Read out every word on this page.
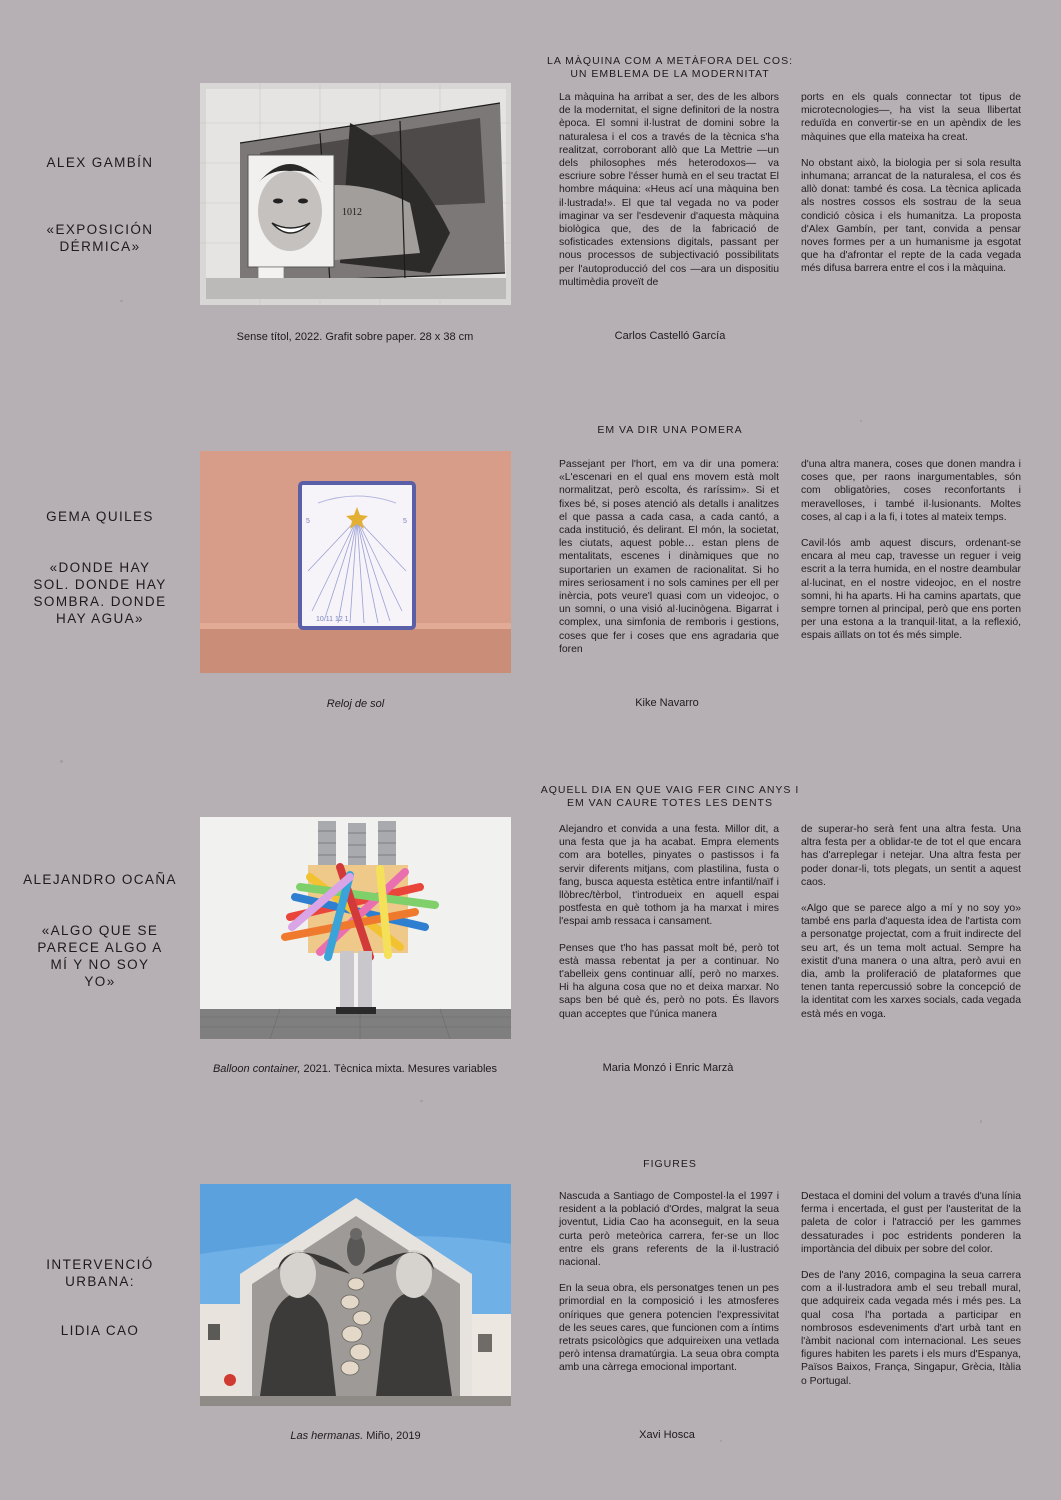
LA MÀQUINA COM A METÀFORA DEL COS: UN EMBLEMA DE LA MODERNITAT
ALEX GAMBÍN
«EXPOSICIÓN DÉRMICA»
1012

La màquina ha arribat a ser, des de les albors de la modernitat, el signe definitori de la nostra època. El somni il·lustrat de domini sobre la naturalesa i el cos a través de la tècnica s'ha realitzat, corroborant allò que La Mettrie —un dels philosophes més heterodoxos— va escriure sobre l'ésser humà en el seu tractat El hombre máquina: «Heus ací una màquina ben il·lustrada!». El que tal vegada no va poder imaginar va ser l'esdevenir d'aquesta màquina biològica que, des de la fabricació de sofisticades extensions digitals, passant per nous processos de subjectivació possibilitats per l'autoproducció del cos —ara un dispositiu multimèdia proveït de

ports en els quals connectar tot tipus de microtecnologies—, ha vist la seua llibertat reduïda en convertir-se en un apèndix de les màquines que ella mateixa ha creat.

No obstant això, la biologia per si sola resulta inhumana; arrancat de la naturalesa, el cos és allò donat: també és cosa. La tècnica aplicada als nostres cossos els sostrau de la seua condició còsica i els humanitza. La proposta d'Alex Gambín, per tant, convida a pensar noves formes per a un humanisme ja esgotat que ha d'afrontar el repte de la cada vegada més difusa barrera entre el cos i la màquina.

Sense títol, 2022. Grafit sobre paper. 28 x 38 cm	Carlos Castelló García
EM VA DIR UNA POMERA
GEMA QUILES
«DONDE HAY SOL. DONDE HAY SOMBRA. DONDE HAY AGUA»
5	5
10 11 12 1

Passejant per l'hort, em va dir una pomera: «L'escenari en el qual ens movem està molt normalitzat, però escolta, és raríssim». Si et fixes bé, si poses atenció als detalls i analitzes el que passa a cada casa, a cada cantó, a cada institució, és delirant. El món, la societat, les ciutats, aquest poble… estan plens de mentalitats, escenes i dinàmiques que no suportarien un examen de racionalitat. Si ho mires seriosament i no sols camines per ell per inèrcia, pots veure'l quasi com un videojoc, o un somni, o una visió al·lucinògena. Bigarrat i complex, una simfonia de remboris i gestions, coses que fer i coses que ens agradaria que foren

d'una altra manera, coses que donen mandra i coses que, per raons inargumentables, són com obligatòries, coses reconfortants i meravelloses, i també il·lusionants. Moltes coses, al cap i a la fi, i totes al mateix temps.

Cavil·lós amb aquest discurs, ordenant-se encara al meu cap, travesse un reguer i veig escrit a la terra humida, en el nostre deambular al·lucinat, en el nostre videojoc, en el nostre somni, hi ha aparts. Hi ha camins apartats, que sempre tornen al principal, però que ens porten per una estona a la tranquil·litat, a la reflexió, espais aïllats on tot és més simple.

Reloj de sol	Kike Navarro
AQUELL DIA EN QUE VAIG FER CINC ANYS I EM VAN CAURE TOTES LES DENTS
ALEJANDRO OCAÑA
«ALGO QUE SE PARECE ALGO A MÍ Y NO SOY YO»

Alejandro et convida a una festa. Millor dit, a una festa que ja ha acabat. Empra elements com ara botelles, pinyates o pastissos i fa servir diferents mitjans, com plastilina, fusta o fang, busca aquesta estètica entre infantil/naïf i llòbrec/tèrbol, t'introdueix en aquell espai postfesta en què tothom ja ha marxat i mires l'espai amb ressaca i cansament.

Penses que t'ho has passat molt bé, però tot està massa rebentat ja per a continuar. No t'abelleix gens continuar allí, però no marxes. Hi ha alguna cosa que no et deixa marxar. No saps ben bé què és, però no pots. És llavors quan acceptes que l'única manera

de superar-ho serà fent una altra festa. Una altra festa per a oblidar-te de tot el que encara has d'arreplegar i netejar. Una altra festa per poder donar-li, tots plegats, un sentit a aquest caos.

«Algo que se parece algo a mí y no soy yo» també ens parla d'aquesta idea de l'artista com a personatge projectat, com a fruit indirecte del seu art, és un tema molt actual. Sempre ha existit d'una manera o una altra, però avui en dia, amb la proliferació de plataformes que tenen tanta repercussió sobre la concepció de la identitat com les xarxes socials, cada vegada està més en voga.

Balloon container, 2021. Tècnica mixta. Mesures variables	Maria Monzó i Enric Marzà
FIGURES
INTERVENCIÓ URBANA:
LIDIA CAO

Nascuda a Santiago de Compostel·la el 1997 i resident a la població d'Ordes, malgrat la seua joventut, Lidia Cao ha aconseguit, en la seua curta però meteòrica carrera, fer-se un lloc entre els grans referents de la il·lustració nacional.

En la seua obra, els personatges tenen un pes primordial en la composició i les atmosferes oníriques que genera potencien l'expressivitat de les seues cares, que funcionen com a íntims retrats psicològics que adquireixen una vetlada però intensa dramatúrgia. La seua obra compta amb una càrrega emocional important.

Destaca el domini del volum a través d'una línia ferma i encertada, el gust per l'austeritat de la paleta de color i l'atracció per les gammes dessaturades i poc estridents ponderen la importància del dibuix per sobre del color.

Des de l'any 2016, compagina la seua carrera com a il·lustradora amb el seu treball mural, que adquireix cada vegada més i més pes. La qual cosa l'ha portada a participar en nombrosos esdeveniments d'art urbà tant en l'àmbit nacional com internacional. Les seues figures habiten les parets i els murs d'Espanya, Països Baixos, França, Singapur, Grècia, Itàlia o Portugal.

Las hermanas. Miño, 2019	Xavi Hosca
